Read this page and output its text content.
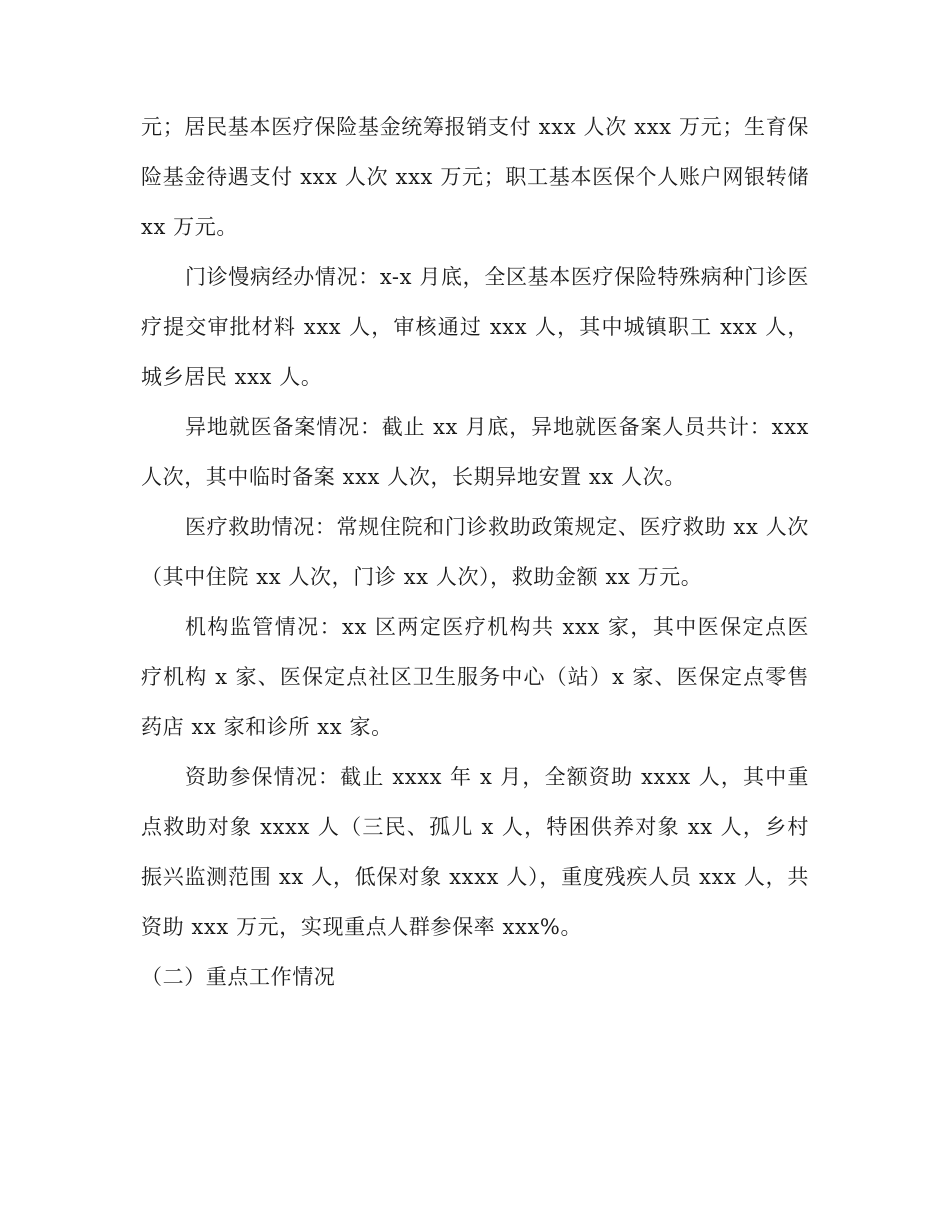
元；居民基本医疗保险基金统筹报销支付 xxx 人次 xxx 万元；生育保险基金待遇支付 xxx 人次 xxx 万元；职工基本医保个人账户网银转储 xx 万元。

门诊慢病经办情况：x-x 月底，全区基本医疗保险特殊病种门诊医疗提交审批材料 xxx 人，审核通过 xxx 人，其中城镇职工 xxx 人，城乡居民 xxx 人。

异地就医备案情况：截止 xx 月底，异地就医备案人员共计：xxx 人次，其中临时备案 xxx 人次，长期异地安置 xx 人次。

医疗救助情况：常规住院和门诊救助政策规定、医疗救助 xx 人次（其中住院 xx 人次，门诊 xx 人次），救助金额 xx 万元。

机构监管情况：xx 区两定医疗机构共 xxx 家，其中医保定点医疗机构 x 家、医保定点社区卫生服务中心（站）x 家、医保定点零售药店 xx 家和诊所 xx 家。

资助参保情况：截止 xxxx 年 x 月，全额资助 xxxx 人，其中重点救助对象 xxxx 人（三民、孤儿 x 人，特困供养对象 xx 人，乡村振兴监测范围 xx 人，低保对象 xxxx 人），重度残疾人员 xxx 人，共资助 xxx 万元，实现重点人群参保率 xxx%。

（二）重点工作情况
